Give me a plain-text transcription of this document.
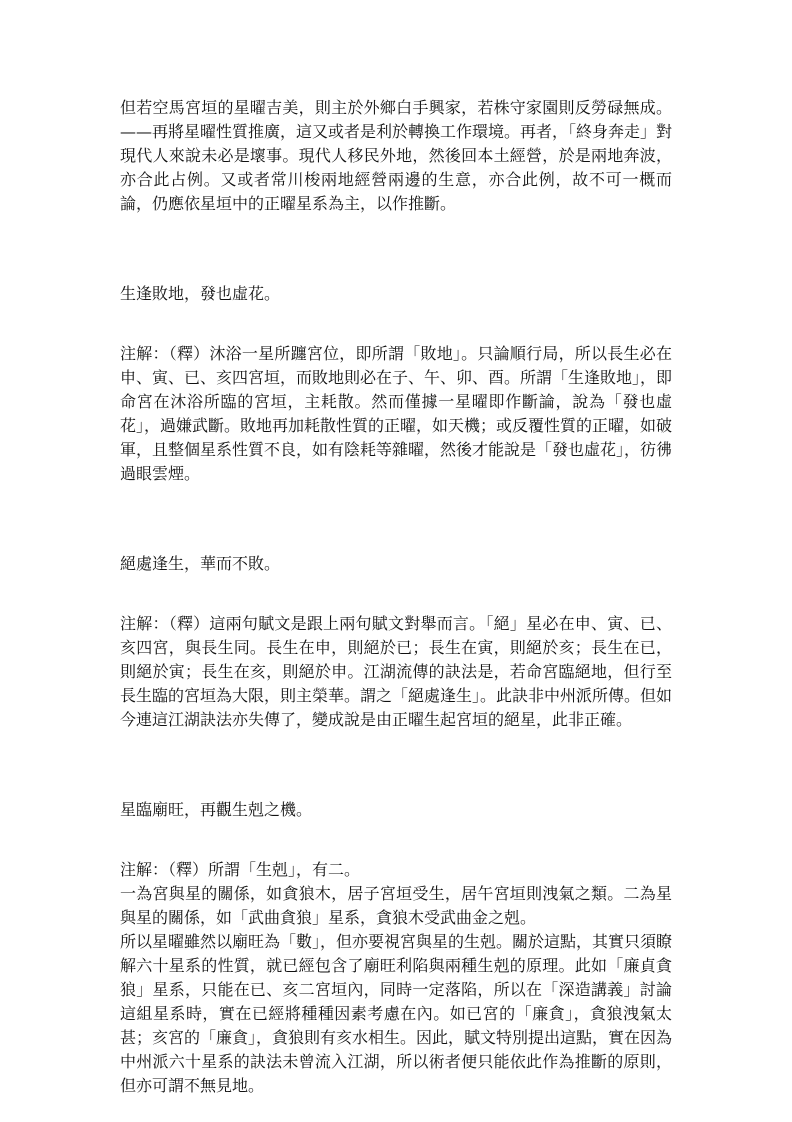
但若空馬宮垣的星曜吉美，則主於外鄉白手興家，若株守家園則反勞碌無成。——再將星曜性質推廣，這又或者是利於轉換工作環境。再者，「終身奔走」對現代人來說未必是壞事。現代人移民外地，然後回本土經營，於是兩地奔波，亦合此占例。又或者常川梭兩地經營兩邊的生意，亦合此例，故不可一概而論，仍應依星垣中的正曜星系為主，以作推斷。

生逢敗地，發也虛花。

注解：（釋）沐浴一星所躔宮位，即所謂「敗地」。只論順行局，所以長生必在申、寅、已、亥四宮垣，而敗地則必在子、午、卯、酉。所謂「生逢敗地」，即命宮在沐浴所臨的宮垣，主耗散。然而僅據一星曜即作斷論，說為「發也虛花」，過嫌武斷。敗地再加耗散性質的正曜，如天機；或反覆性質的正曜，如破軍，且整個星系性質不良，如有陰耗等雜曜，然後才能說是「發也虛花」，彷彿過眼雲煙。

絕處逢生，華而不敗。

注解：（釋）這兩句賦文是跟上兩句賦文對舉而言。「絕」星必在申、寅、已、亥四宮，與長生同。長生在申，則絕於已；長生在寅，則絕於亥；長生在已，則絕於寅；長生在亥，則絕於申。江湖流傳的訣法是，若命宮臨絕地，但行至長生臨的宮垣為大限，則主榮華。謂之「絕處逢生」。此訣非中州派所傳。但如今連這江湖訣法亦失傳了，變成說是由正曜生起宮垣的絕星，此非正確。

星臨廟旺，再觀生剋之機。

注解：（釋）所謂「生剋」，有二。

一為宮與星的關係，如貪狼木，居子宮垣受生，居午宮垣則洩氣之類。二為星與星的關係，如「武曲貪狼」星系，貪狼木受武曲金之剋。

所以星曜雖然以廟旺為「數」，但亦要視宮與星的生剋。關於這點，其實只須瞭解六十星系的性質，就已經包含了廟旺利陷與兩種生剋的原理。此如「廉貞貪狼」星系，只能在已、亥二宮垣內，同時一定落陷，所以在「深造講義」討論這組星系時，實在已經將種種因素考慮在內。如已宮的「廉貪」，貪狼洩氣太甚；亥宮的「廉貪」，貪狼則有亥水相生。因此，賦文特別提出這點，實在因為中州派六十星系的訣法未曾流入江湖，所以術者便只能依此作為推斷的原則，但亦可謂不無見地。
